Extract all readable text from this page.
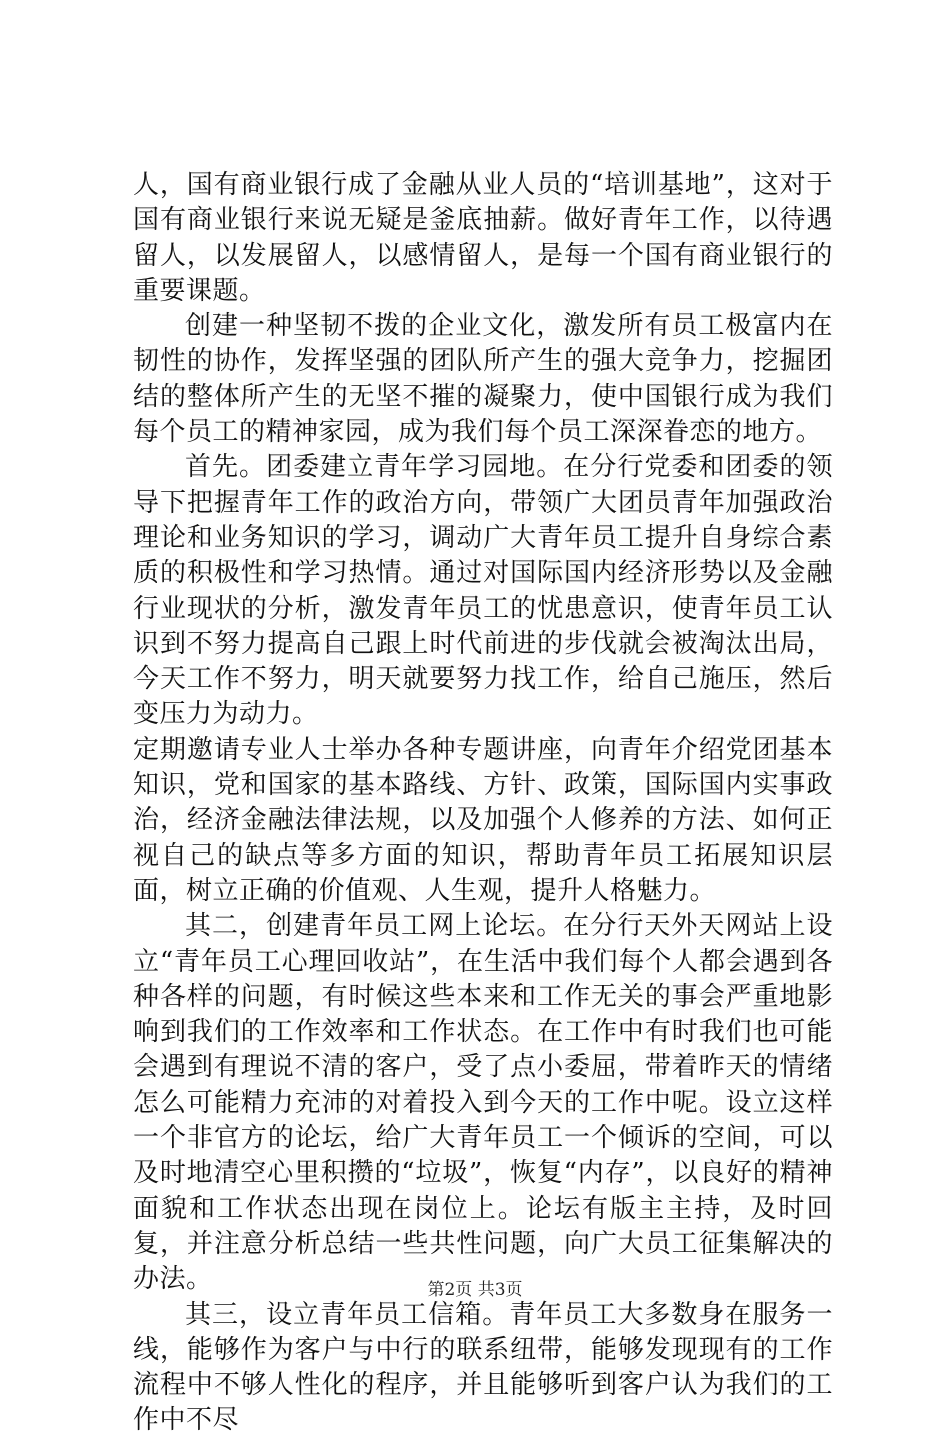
人，国有商业银行成了金融从业人员的“培训基地”，这对于国有商业银行来说无疑是釜底抽薪。做好青年工作，以待遇留人，以发展留人，以感情留人，是每一个国有商业银行的重要课题。

创建一种坚韧不拨的企业文化，激发所有员工极富内在韧性的协作，发挥坚强的团队所产生的强大竞争力，挖掘团结的整体所产生的无坚不摧的凝聚力，使中国银行成为我们每个员工的精神家园，成为我们每个员工深深眷恋的地方。

首先。团委建立青年学习园地。在分行党委和团委的领导下把握青年工作的政治方向，带领广大团员青年加强政治理论和业务知识的学习，调动广大青年员工提升自身综合素质的积极性和学习热情。通过对国际国内经济形势以及金融行业现状的分析，激发青年员工的忧患意识，使青年员工认识到不努力提高自己跟上时代前进的步伐就会被淘汰出局，今天工作不努力，明天就要努力找工作，给自己施压，然后变压力为动力。

定期邀请专业人士举办各种专题讲座，向青年介绍党团基本知识，党和国家的基本路线、方针、政策，国际国内实事政治，经济金融法律法规，以及加强个人修养的方法、如何正视自己的缺点等多方面的知识，帮助青年员工拓展知识层面，树立正确的价值观、人生观，提升人格魅力。

其二，创建青年员工网上论坛。在分行天外天网站上设立“青年员工心理回收站”，在生活中我们每个人都会遇到各种各样的问题，有时候这些本来和工作无关的事会严重地影响到我们的工作效率和工作状态。在工作中有时我们也可能会遇到有理说不清的客户，受了点小委屈，带着昨天的情绪怎么可能精力充沛的对着投入到今天的工作中呢。设立这样一个非官方的论坛，给广大青年员工一个倾诉的空间，可以及时地清空心里积攒的“垃圾”，恢复“内存”，以良好的精神面貌和工作状态出现在岗位上。论坛有版主主持，及时回复，并注意分析总结一些共性问题，向广大员工征集解决的办法。

其三，设立青年员工信箱。青年员工大多数身在服务一线，能够作为客户与中行的联系纽带，能够发现现有的工作流程中不够人性化的程序，并且能够听到客户认为我们的工作中不尽

第2页 共3页
